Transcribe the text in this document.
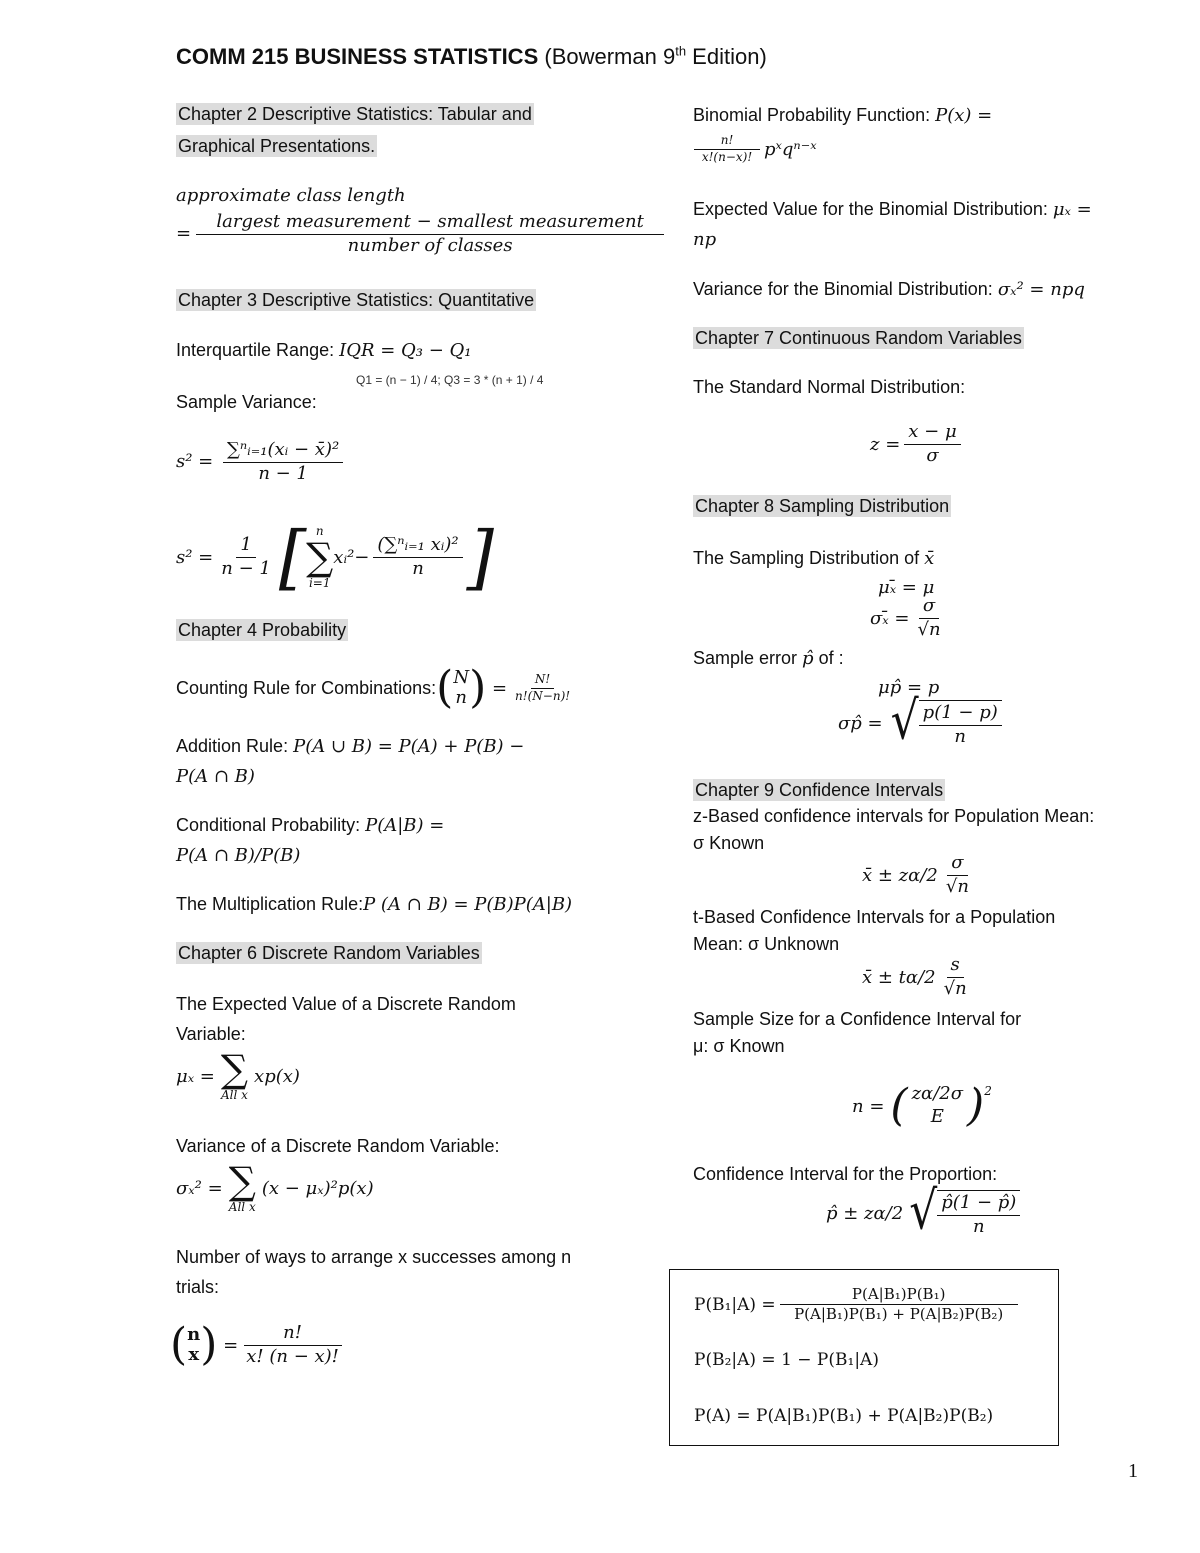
COMM 215 BUSINESS STATISTICS (Bowerman 9th Edition)
Chapter 2 Descriptive Statistics: Tabular and
Graphical Presentations.
approximate class length
= $\frac{\text{largest measurement − smallest measurement}}{\text{number of classes}}$
Chapter 3 Descriptive Statistics: Quantitative
Interquartile Range: IQR = Q₃ − Q₁
Q1 = (n − 1) / 4; Q3 = 3 * (n + 1) / 4
Sample Variance:
$s^2 = \frac{\text{∑ⁿᵢ₌₁(xᵢ − x̄)²}}{n - 1}$
$s^2 = \frac{1}{n - 1}$ [ n
∑
i=1
xᵢ² − $\frac{\text{(∑ⁿᵢ₌₁ xᵢ)²}}{n}$ ]
Chapter 4 Probability
Counting Rule for Combinations: ( N
n ) = $\frac{N!}{n!(N-n)!}$
Addition Rule: P(A ∪ B) = P(A) + P(B) −
P(A ∩ B)
Conditional Probability: P(A|B) =
P(A ∩ B)/P(B)
The Multiplication Rule:P (A ∩ B) = P(B)P(A|B)
Chapter 6 Discrete Random Variables
The Expected Value of a Discrete Random
Variable:
μₓ = ∑
All x
xp(x)
Variance of a Discrete Random Variable:
σₓ² = ∑
All x
(x − μₓ)²p(x)
Number of ways to arrange x successes among n
trials:
( n
x ) = $\frac{n!}{x! (n - x)!}$
Binomial Probability Function: P(x) =
$\frac{n!}{x!(n-x)!}$ pˣqⁿ⁻ˣ
Expected Value for the Binomial Distribution: μₓ =
np
Variance for the Binomial Distribution: σₓ² = npq
Chapter 7 Continuous Random Variables
The Standard Normal Distribution:
$z = \frac{x - \mu}{\sigma}$
Chapter 8 Sampling Distribution
The Sampling Distribution of x̄
μₓ̄ = μ
σₓ̄ = $\frac{\sigma}{√n}$
Sample error p̂ of :
μp̂ = p
σp̂ = √ $\frac{p(1 - p)}{n}$
Chapter 9 Confidence Intervals
z-Based confidence intervals for Population Mean:
σ Known
x̄ ± $z\alpha/2 \frac{\sigma}{√n}$
t-Based Confidence Intervals for a Population
Mean: σ Unknown
x̄ ± $t\alpha/2 \frac{s}{√n}$
Sample Size for a Confidence Interval for
μ: σ Known
n = ( zα/2σ
E ) 2
Confidence Interval for the Proportion:
p̂ ± zα/2 √ $\frac{p̂(1 - p̂)}{n}$
$P(B_1|A) = \frac{\text{P(A|B₁)P(B₁)}}{\text{P(A|B₁)P(B₁) + P(A|B₂)P(B₂)}}$
P(B₂|A) = 1 − P(B₁|A)
P(A) = P(A|B₁)P(B₁) + P(A|B₂)P(B₂)
1
